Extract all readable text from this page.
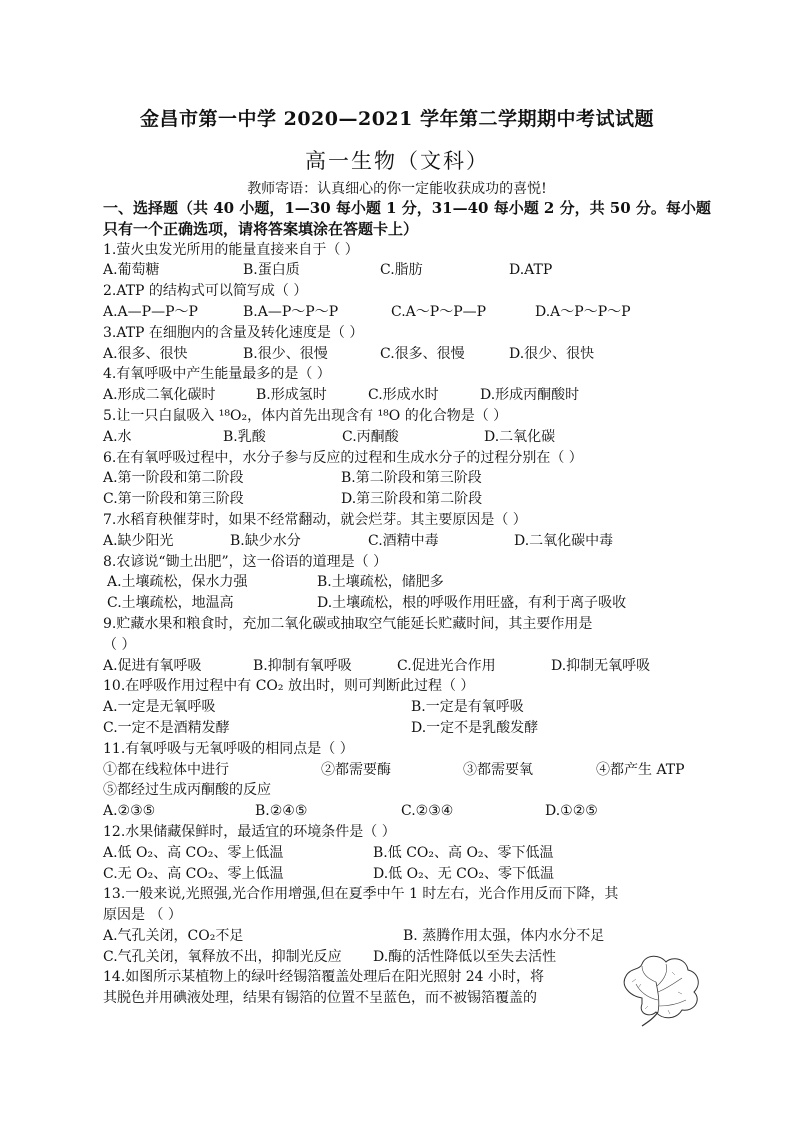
金昌市第一中学 2020—2021 学年第二学期期中考试试题
高一生物（文科）
教师寄语：认真细心的你一定能收获成功的喜悦!
一、选择题（共 40 小题，1—30 每小题 1 分，31—40 每小题 2 分，共 50 分。每小题
只有一个正确选项，请将答案填涂在答题卡上）
1.萤火虫发光所用的能量直接来自于（ ）
A.葡萄糖	B.蛋白质	C.脂肪	D.ATP
2.ATP 的结构式可以简写成（ ）
A.A—P—P～P	B.A—P～P～P	C.A～P～P—P	D.A～P～P～P
3.ATP 在细胞内的含量及转化速度是（ ）
A.很多、很快	B.很少、很慢	C.很多、很慢	D.很少、很快
4.有氧呼吸中产生能量最多的是（ ）
A.形成二氧化碳时	B.形成氢时	C.形成水时	D.形成丙酮酸时
5.让一只白鼠吸入 ¹⁸O₂，体内首先出现含有 ¹⁸O 的化合物是（ ）
A.水	B.乳酸	C.丙酮酸	D.二氧化碳
6.在有氧呼吸过程中，水分子参与反应的过程和生成水分子的过程分别在（ ）
A.第一阶段和第二阶段	B.第二阶段和第三阶段
C.第一阶段和第三阶段	D.第三阶段和第二阶段
7.水稻育秧催芽时，如果不经常翻动，就会烂芽。其主要原因是（ ）
A.缺少阳光	B.缺少水分	C.酒精中毒	D.二氧化碳中毒
8.农谚说“锄土出肥”，这一俗语的道理是（ ）
A.土壤疏松，保水力强	B.土壤疏松，储肥多
C.土壤疏松，地温高	D.土壤疏松，根的呼吸作用旺盛，有利于离子吸收
9.贮藏水果和粮食时，充加二氧化碳或抽取空气能延长贮藏时间，其主要作用是
（ ）
A.促进有氧呼吸	B.抑制有氧呼吸	C.促进光合作用	D.抑制无氧呼吸
10.在呼吸作用过程中有 CO₂ 放出时，则可判断此过程（ ）
A.一定是无氧呼吸	B.一定是有氧呼吸
C.一定不是酒精发酵	D.一定不是乳酸发酵
11.有氧呼吸与无氧呼吸的相同点是（ ）
①都在线粒体中进行	②都需要酶	③都需要氧	④都产生 ATP
⑤都经过生成丙酮酸的反应
A.②③⑤	B.②④⑤	C.②③④	D.①②⑤
12.水果储藏保鲜时，最适宜的环境条件是（ ）
A.低 O₂、高 CO₂、零上低温	B.低 CO₂、高 O₂、零下低温
C.无 O₂、高 CO₂、零上低温	D.低 O₂、无 CO₂、零下低温
13.一般来说,光照强,光合作用增强,但在夏季中午 1 时左右，光合作用反而下降，其
原因是 （ ）
A.气孔关闭，CO₂不足	B. 蒸腾作用太强，体内水分不足
C.气孔关闭，氧释放不出，抑制光反应	D.酶的活性降低以至失去活性
14.如图所示某植物上的绿叶经锡箔覆盖处理后在阳光照射 24 小时，将
其脱色并用碘液处理，结果有锡箔的位置不呈蓝色，而不被锡箔覆盖的
